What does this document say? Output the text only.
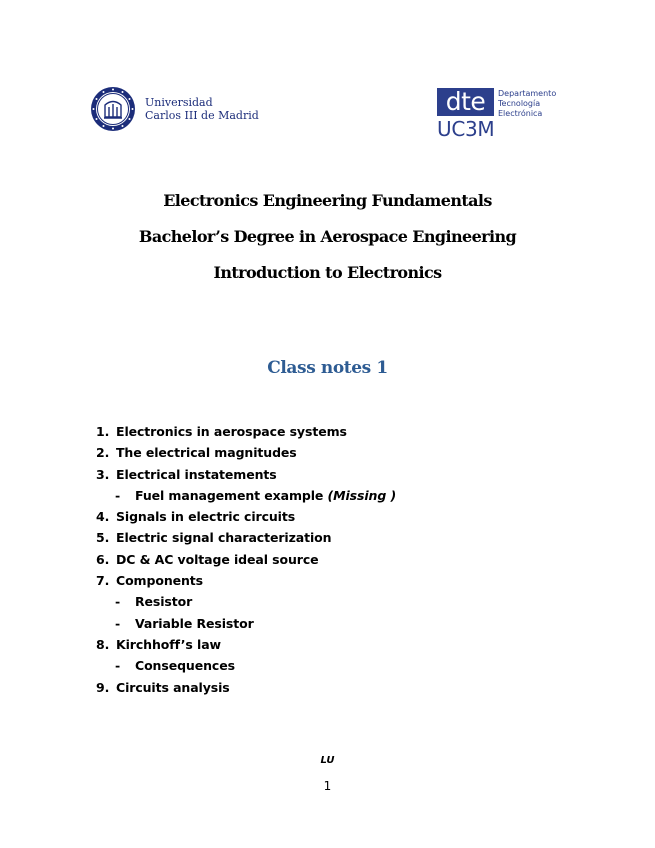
Universidad
Carlos III de Madrid	dte	Departamento
Tecnología
Electrónica
UC3M
Electronics Engineering Fundamentals
Bachelor’s Degree in Aerospace Engineering
Introduction to Electronics
Class notes 1
1. Electronics in aerospace systems
2. The electrical magnitudes
3. Electrical instatements
- Fuel management example (Missing )
4. Signals in electric circuits
5. Electric signal characterization
6. DC & AC voltage ideal source
7. Components
- Resistor
- Variable Resistor
8. Kirchhoff’s law
- Consequences
9. Circuits analysis
LU
1
